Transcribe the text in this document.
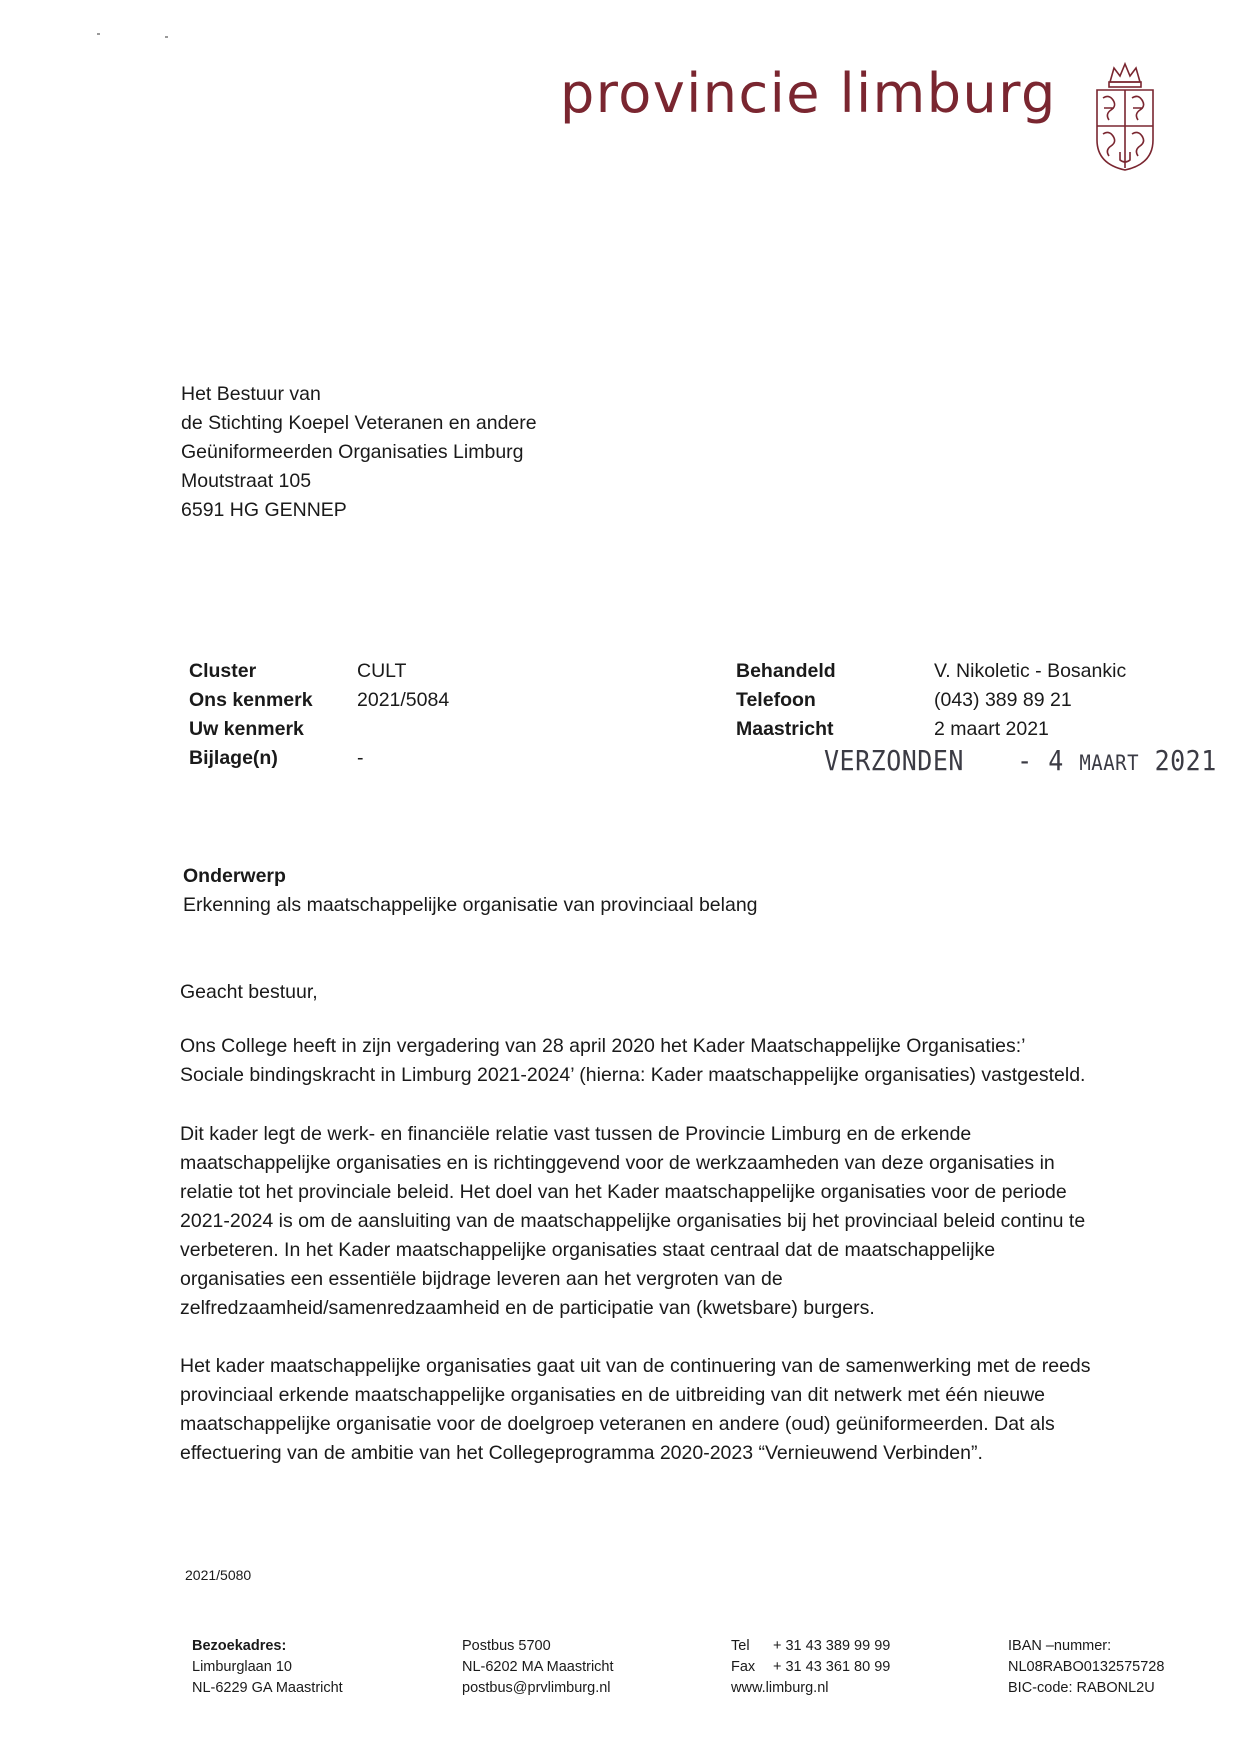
provincie limburg
Het Bestuur van
de Stichting Koepel Veteranen en andere
Geüniformeerden Organisaties Limburg
Moutstraat 105
6591 HG GENNEP
Cluster	CULT
Ons kenmerk	2021/5084
Uw kenmerk
Bijlage(n)	-
Behandeld	V. Nikoletic - Bosankic
Telefoon	(043) 389 89 21
Maastricht	2 maart 2021
VERZONDEN - 4 MAART 2021
Onderwerp
Erkenning als maatschappelijke organisatie van provinciaal belang

Geacht bestuur,

Ons College heeft in zijn vergadering van 28 april 2020 het Kader Maatschappelijke Organisaties:’

Sociale bindingskracht in Limburg 2021-2024’ (hierna: Kader maatschappelijke organisaties) vastgesteld.

Dit kader legt de werk- en financiële relatie vast tussen de Provincie Limburg en de erkende

maatschappelijke organisaties en is richtinggevend voor de werkzaamheden van deze organisaties in

relatie tot het provinciale beleid. Het doel van het Kader maatschappelijke organisaties voor de periode

2021-2024 is om de aansluiting van de maatschappelijke organisaties bij het provinciaal beleid continu te

verbeteren. In het Kader maatschappelijke organisaties staat centraal dat de maatschappelijke

organisaties een essentiële bijdrage leveren aan het vergroten van de

zelfredzaamheid/samenredzaamheid en de participatie van (kwetsbare) burgers.

Het kader maatschappelijke organisaties gaat uit van de continuering van de samenwerking met de reeds

provinciaal erkende maatschappelijke organisaties en de uitbreiding van dit netwerk met één nieuwe

maatschappelijke organisatie voor de doelgroep veteranen en andere (oud) geüniformeerden. Dat als

effectuering van de ambitie van het Collegeprogramma 2020-2023 “Vernieuwend Verbinden”.

2021/5080
Bezoekadres:
Limburglaan 10
NL-6229 GA Maastricht
Postbus 5700
NL-6202 MA Maastricht
postbus@prvlimburg.nl
Tel + 31 43 389 99 99
Fax + 31 43 361 80 99
www.limburg.nl
IBAN –nummer:
NL08RABO0132575728
BIC-code: RABONL2U
